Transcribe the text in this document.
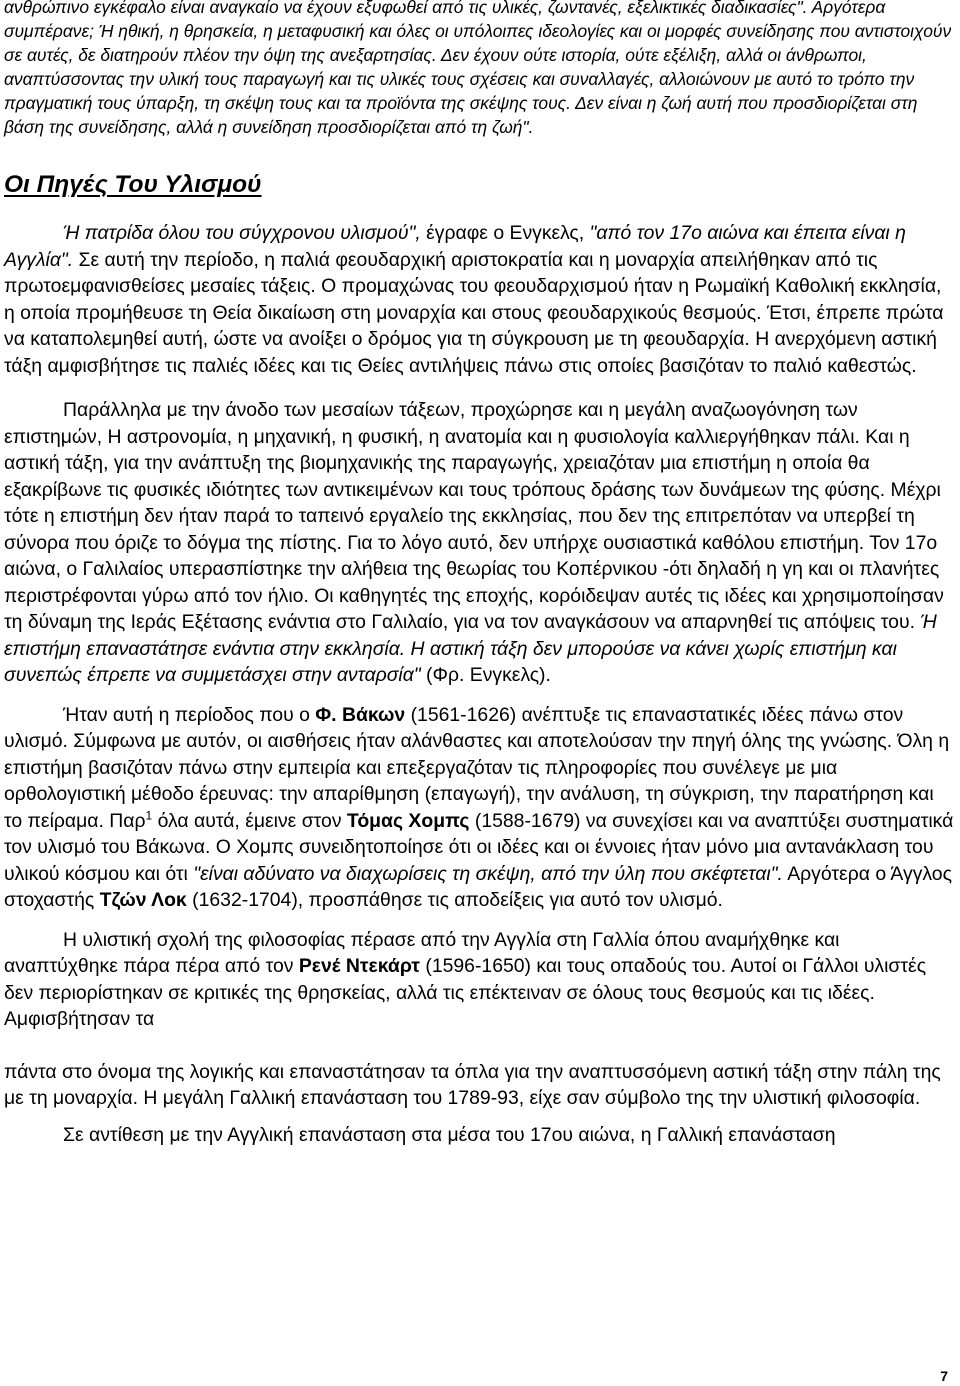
ανθρώπινο εγκέφαλο είναι αναγκαίο να έχουν εξυφωθεί από τις υλικές, ζωντανές, εξελικτικές διαδικασίες". Αργότερα συμπέρανε; Ή ηθική, η θρησκεία, η μεταφυσική και όλες οι υπόλοιπες ιδεολογίες και οι μορφές συνείδησης που αντιστοιχούν σε αυτές, δε διατηρούν πλέον την όψη της ανεξαρτησίας. Δεν έχουν ούτε ιστορία, ούτε εξέλιξη, αλλά οι άνθρωποι, αναπτύσσοντας την υλική τους παραγωγή και τις υλικές τους σχέσεις και συναλλαγές, αλλοιώνουν με αυτό το τρόπο την πραγματική τους ύπαρξη, τη σκέψη τους και τα προϊόντα της σκέψης τους. Δεν είναι η ζωή αυτή που προσδιορίζεται στη βάση της συνείδησης, αλλά η συνείδηση προσδιορίζεται από τη ζωή".

Οι Πηγές Του Υλισμού

Ή πατρίδα όλου του σύγχρονου υλισμού", έγραφε ο Ενγκελς, "από τον 17ο αιώνα και έπειτα είναι η Αγγλία". Σε αυτή την περίοδο, η παλιά φεουδαρχική αριστοκρατία και η μοναρχία απειλήθηκαν από τις πρωτοεμφανισθείσες μεσαίες τάξεις. Ο προμαχώνας του φεουδαρχισμού ήταν η Ρωμαϊκή Καθολική εκκλησία, η οποία προμήθευσε τη Θεία δικαίωση στη μοναρχία και στους φεουδαρχικούς θεσμούς. Έτσι, έπρεπε πρώτα να καταπολεμηθεί αυτή, ώστε να ανοίξει ο δρόμος για τη σύγκρουση με τη φεουδαρχία. Η ανερχόμενη αστική τάξη αμφισβήτησε τις παλιές ιδέες και τις Θείες αντιλήψεις πάνω στις οποίες βασιζόταν το παλιό καθεστώς.

Παράλληλα με την άνοδο των μεσαίων τάξεων, προχώρησε και η μεγάλη αναζωογόνηση των επιστημών, Η αστρονομία, η μηχανική, η φυσική, η ανατομία και η φυσιολογία καλλιεργήθηκαν πάλι. Και η αστική τάξη, για την ανάπτυξη της βιομηχανικής της παραγωγής, χρειαζόταν μια επιστήμη η οποία θα εξακρίβωνε τις φυσικές ιδιότητες των αντικειμένων και τους τρόπους δράσης των δυνάμεων της φύσης. Μέχρι τότε η επιστήμη δεν ήταν παρά το ταπεινό εργαλείο της εκκλησίας, που δεν της επιτρεπόταν να υπερβεί τη σύνορα που όριζε το δόγμα της πίστης. Για το λόγο αυτό, δεν υπήρχε ουσιαστικά καθόλου επιστήμη. Τον 17ο αιώνα, ο Γαλιλαίος υπερασπίστηκε την αλήθεια της θεωρίας του Κοπέρνικου -ότι δηλαδή η γη και οι πλανήτες περιστρέφονται γύρω από τον ήλιο. Οι καθηγητές της εποχής, κορόιδεψαν αυτές τις ιδέες και χρησιμοποίησαν τη δύναμη της Ιεράς Εξέτασης ενάντια στο Γαλιλαίο, για να τον αναγκάσουν να απαρνηθεί τις απόψεις του. Ή επιστήμη επαναστάτησε ενάντια στην εκκλησία. Η αστική τάξη δεν μπορούσε να κάνει χωρίς επιστήμη και συνεπώς έπρεπε να συμμετάσχει στην ανταρσία" (Φρ. Ενγκελς).

Ήταν αυτή η περίοδος που ο Φ. Βάκων (1561-1626) ανέπτυξε τις επαναστατικές ιδέες πάνω στον υλισμό. Σύμφωνα με αυτόν, οι αισθήσεις ήταν αλάνθαστες και αποτελούσαν την πηγή όλης της γνώσης. Όλη η επιστήμη βασιζόταν πάνω στην εμπειρία και επεξεργαζόταν τις πληροφορίες που συνέλεγε με μια ορθολογιστική μέθοδο έρευνας: την απαρίθμηση (επαγωγή), την ανάλυση, τη σύγκριση, την παρατήρηση και το πείραμα. Παρ$^1$ όλα αυτά, έμεινε στον Τόμας Χομπς (1588-1679) να συνεχίσει και να αναπτύξει συστηματικά τον υλισμό του Βάκωνα. Ο Χομπς συνειδητοποίησε ότι οι ιδέες και οι έννοιες ήταν μόνο μια αντανάκλαση του υλικού κόσμου και ότι "είναι αδύνατο να διαχωρίσεις τη σκέψη, από την ύλη που σκέφτεται". Αργότερα ο Άγγλος στοχαστής Τζών Λοκ (1632-1704), προσπάθησε τις αποδείξεις για αυτό τον υλισμό.

Η υλιστική σχολή της φιλοσοφίας πέρασε από την Αγγλία στη Γαλλία όπου αναμήχθηκε και αναπτύχθηκε πάρα πέρα από τον Ρενέ Ντεκάρτ (1596-1650) και τους οπαδούς του. Αυτοί οι Γάλλοι υλιστές δεν περιορίστηκαν σε κριτικές της θρησκείας, αλλά τις επέκτειναν σε όλους τους θεσμούς και τις ιδέες. Αμφισβήτησαν τα

πάντα στο όνομα της λογικής και επαναστάτησαν τα όπλα για την αναπτυσσόμενη αστική τάξη στην πάλη της με τη μοναρχία. Η μεγάλη Γαλλική επανάσταση του 1789-93, είχε σαν σύμβολο της την υλιστική φιλοσοφία.

Σε αντίθεση με την Αγγλική επανάσταση στα μέσα του 17ου αιώνα, η Γαλλική επανάσταση

7
